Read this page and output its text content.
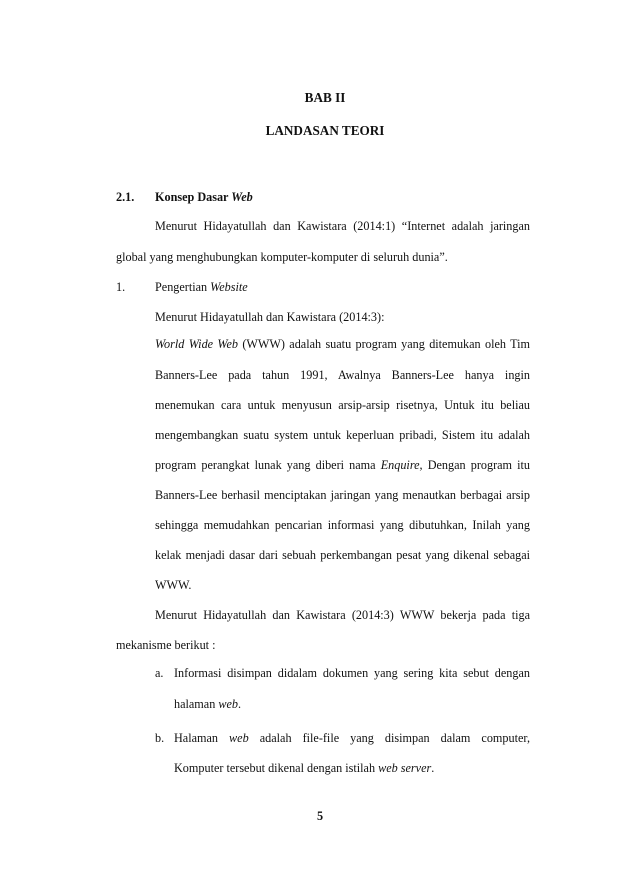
BAB II
LANDASAN TEORI
2.1. Konsep Dasar Web
Menurut Hidayatullah dan Kawistara (2014:1) “Internet adalah jaringan
global yang menghubungkan komputer-komputer di seluruh dunia”.
1. Pengertian Website
Menurut Hidayatullah dan Kawistara (2014:3):
World Wide Web (WWW) adalah suatu program yang ditemukan oleh Tim
Banners-Lee pada tahun 1991, Awalnya Banners-Lee hanya ingin
menemukan cara untuk menyusun arsip-arsip risetnya, Untuk itu beliau
mengembangkan suatu system untuk keperluan pribadi, Sistem itu adalah
program perangkat lunak yang diberi nama Enquire, Dengan program itu
Banners-Lee berhasil menciptakan jaringan yang menautkan berbagai arsip
sehingga memudahkan pencarian informasi yang dibutuhkan, Inilah yang
kelak menjadi dasar dari sebuah perkembangan pesat yang dikenal sebagai
WWW.
Menurut Hidayatullah dan Kawistara (2014:3) WWW bekerja pada tiga
mekanisme berikut :
a. Informasi disimpan didalam dokumen yang sering kita sebut dengan
halaman web.
b. Halaman web adalah file-file yang disimpan dalam computer,
Komputer tersebut dikenal dengan istilah web server.
5
